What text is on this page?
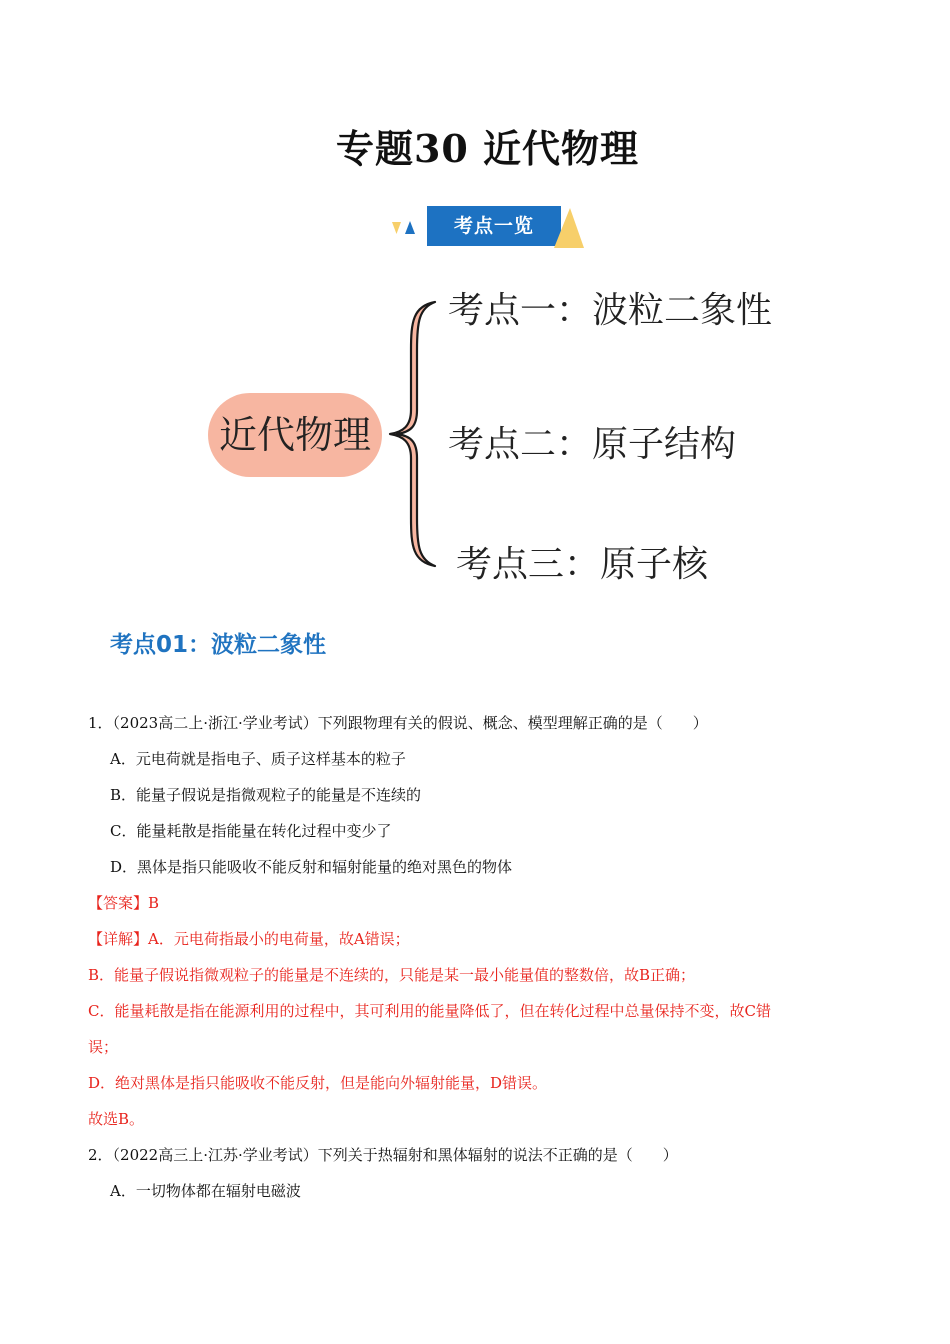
专题30 近代物理
考点一览
近代物理
考点一：波粒二象性
考点二：原子结构
考点三：原子核
考点01：波粒二象性
1．（2023高二上·浙江·学业考试）下列跟物理有关的假说、概念、模型理解正确的是（　　）
A．元电荷就是指电子、质子这样基本的粒子
B．能量子假说是指微观粒子的能量是不连续的
C．能量耗散是指能量在转化过程中变少了
D．黑体是指只能吸收不能反射和辐射能量的绝对黑色的物体
【答案】B
【详解】A．元电荷指最小的电荷量，故A错误；
B．能量子假说指微观粒子的能量是不连续的，只能是某一最小能量值的整数倍，故B正确；
C．能量耗散是指在能源利用的过程中，其可利用的能量降低了，但在转化过程中总量保持不变，故C错
误；
D．绝对黑体是指只能吸收不能反射，但是能向外辐射能量，D错误。
故选B。
2．（2022高三上·江苏·学业考试）下列关于热辐射和黑体辐射的说法不正确的是（　　）
A．一切物体都在辐射电磁波
